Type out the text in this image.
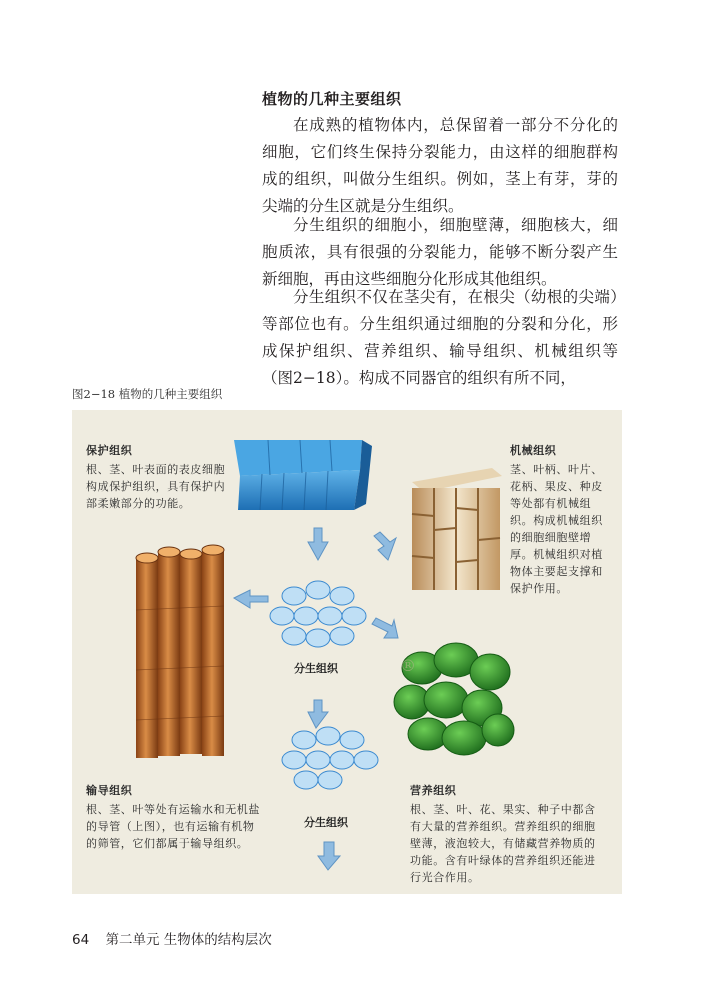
植物的几种主要组织

在成熟的植物体内，总保留着一部分不分化的细胞，它们终生保持分裂能力，由这样的细胞群构成的组织，叫做分生组织。例如，茎上有芽，芽的尖端的分生区就是分生组织。

分生组织的细胞小，细胞壁薄，细胞核大，细胞质浓，具有很强的分裂能力，能够不断分裂产生新细胞，再由这些细胞分化形成其他组织。

分生组织不仅在茎尖有，在根尖（幼根的尖端）等部位也有。分生组织通过细胞的分裂和分化，形成保护组织、营养组织、输导组织、机械组织等（图2−18）。构成不同器官的组织有所不同，

图2−18 植物的几种主要组织
保护组织
根、茎、叶表面的表皮细胞构成保护组织，具有保护内部柔嫩部分的功能。
机械组织
茎、叶柄、叶片、花柄、果皮、种皮等处都有机械组织。构成机械组织的细胞细胞壁增厚。机械组织对植物体主要起支撑和保护作用。
输导组织
根、茎、叶等处有运输水和无机盐的导管（上图），也有运输有机物的筛管，它们都属于输导组织。
营养组织
根、茎、叶、花、果实、种子中都含有大量的营养组织。营养组织的细胞壁薄，液泡较大，有储藏营养物质的功能。含有叶绿体的营养组织还能进行光合作用。
分生组织
分生组织
®
64 第二单元 生物体的结构层次
